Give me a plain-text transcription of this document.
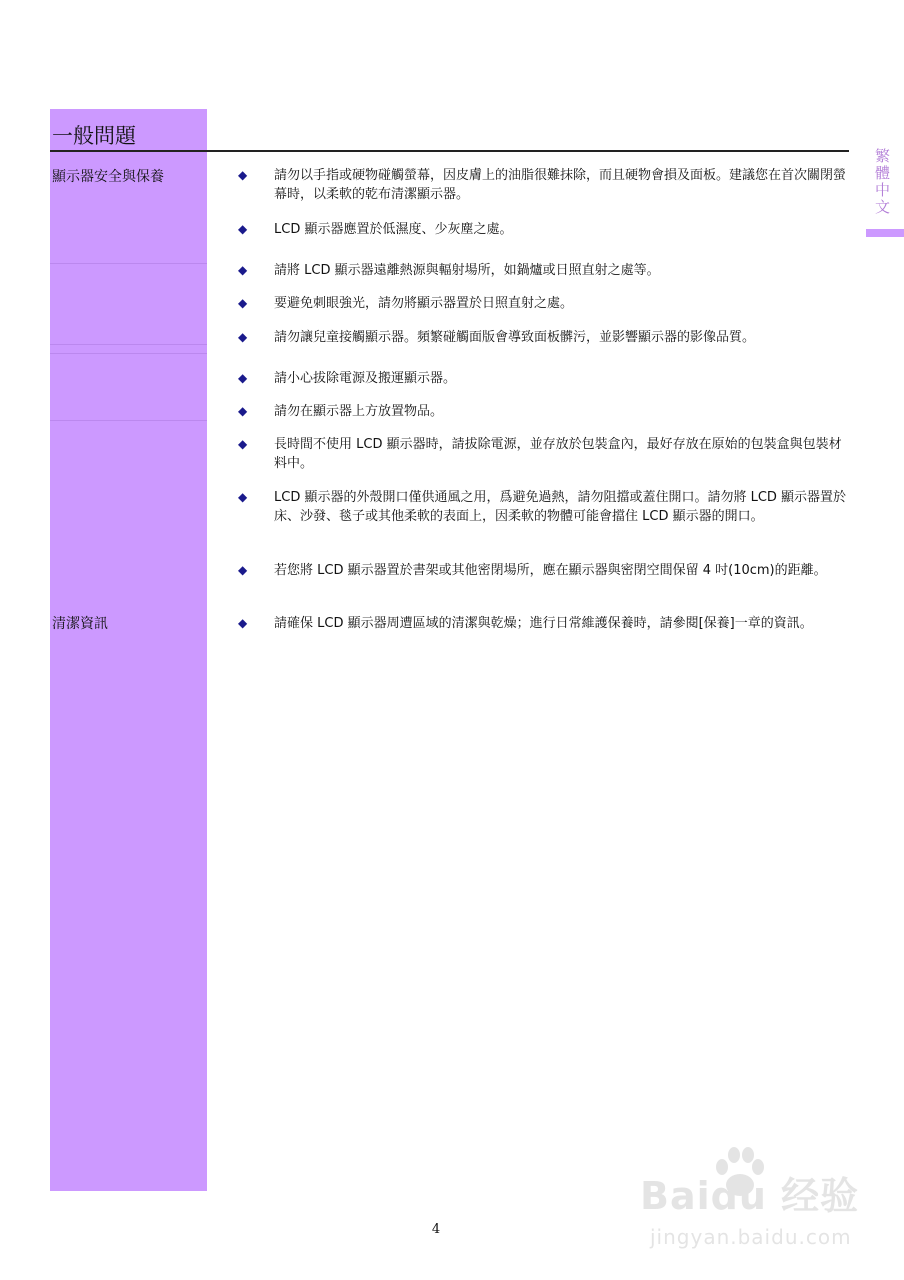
一般問題
繁體中文
顯示器安全與保養
清潔資訊
◆ 請勿以手指或硬物碰觸螢幕，因皮膚上的油脂很難抹除，而且硬物會損及面板。建議您在首次關閉螢幕時，以柔軟的乾布清潔顯示器。
◆ LCD 顯示器應置於低濕度、少灰塵之處。
◆ 請將 LCD 顯示器遠離熱源與輻射場所，如鍋爐或日照直射之處等。
◆ 要避免刺眼強光，請勿將顯示器置於日照直射之處。
◆ 請勿讓兒童接觸顯示器。頻繁碰觸面版會導致面板髒污，並影響顯示器的影像品質。
◆ 請小心拔除電源及搬運顯示器。
◆ 請勿在顯示器上方放置物品。
◆ 長時間不使用 LCD 顯示器時，請拔除電源，並存放於包裝盒內，最好存放在原始的包裝盒與包裝材料中。
◆ LCD 顯示器的外殼開口僅供通風之用，爲避免過熱，請勿阻擋或蓋住開口。請勿將 LCD 顯示器置於床、沙發、毯子或其他柔軟的表面上，因柔軟的物體可能會擋住 LCD 顯示器的開口。
◆ 若您將 LCD 顯示器置於書架或其他密閉場所，應在顯示器與密閉空間保留 4 吋(10cm)的距離。
◆ 請確保 LCD 顯示器周遭區域的清潔與乾燥；進行日常維護保養時，請參閱[保養]一章的資訊。
4
Baidu 经验
jingyan.baidu.com
